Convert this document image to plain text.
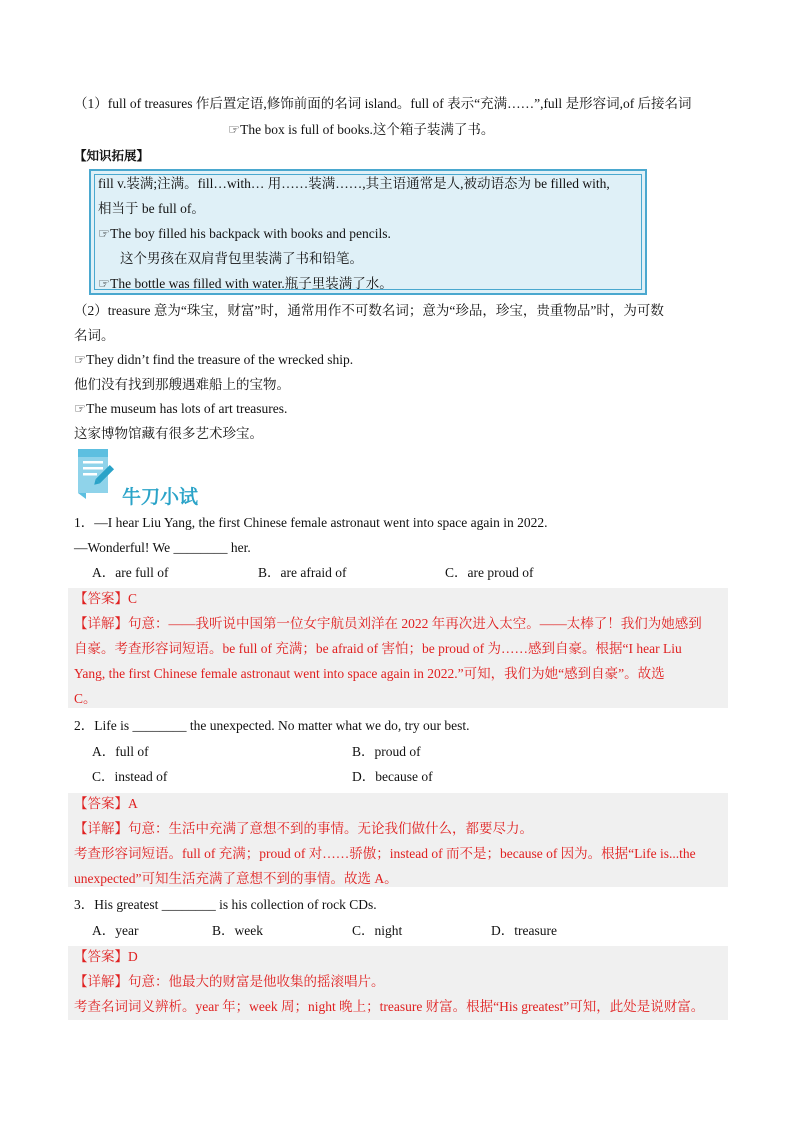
（1）full of treasures 作后置定语,修饰前面的名词 island。full of 表示“充满……”,full 是形容词,of 后接名词
☞The box is full of books.这个箱子装满了书。
【知识拓展】
fill v.装满;注满。fill…with… 用……装满……,其主语通常是人,被动语态为 be filled with,
相当于 be full of。
☞The boy filled his backpack with books and pencils.
这个男孩在双肩背包里装满了书和铅笔。
☞The bottle was filled with water.瓶子里装满了水。
（2）treasure 意为“珠宝，财富”时，通常用作不可数名词；意为“珍品，珍宝，贵重物品”时，为可数
名词。
☞They didn’t find the treasure of the wrecked ship.
他们没有找到那艘遇难船上的宝物。
☞The museum has lots of art treasures.
这家博物馆藏有很多艺术珍宝。
牛刀小试
1．—I hear Liu Yang, the first Chinese female astronaut went into space again in 2022.
—Wonderful! We ________ her.
A．are full of	B．are afraid of	C．are proud of
【答案】C
【详解】句意：——我听说中国第一位女宇航员刘洋在 2022 年再次进入太空。——太棒了！我们为她感到
自豪。考查形容词短语。be full of 充满；be afraid of 害怕；be proud of 为……感到自豪。根据“I hear Liu
Yang, the first Chinese female astronaut went into space again in 2022.”可知，我们为她“感到自豪”。故选
C。
2．Life is ________ the unexpected. No matter what we do, try our best.
A．full of	B．proud of
C．instead of	D．because of
【答案】A
【详解】句意：生活中充满了意想不到的事情。无论我们做什么，都要尽力。
考查形容词短语。full of 充满；proud of 对……骄傲；instead of 而不是；because of 因为。根据“Life is...the
unexpected”可知生活充满了意想不到的事情。故选 A。
3．His greatest ________ is his collection of rock CDs.
A．year	B．week	C．night	D．treasure
【答案】D
【详解】句意：他最大的财富是他收集的摇滚唱片。
考查名词词义辨析。year 年；week 周；night 晚上；treasure 财富。根据“His greatest”可知，此处是说财富。
